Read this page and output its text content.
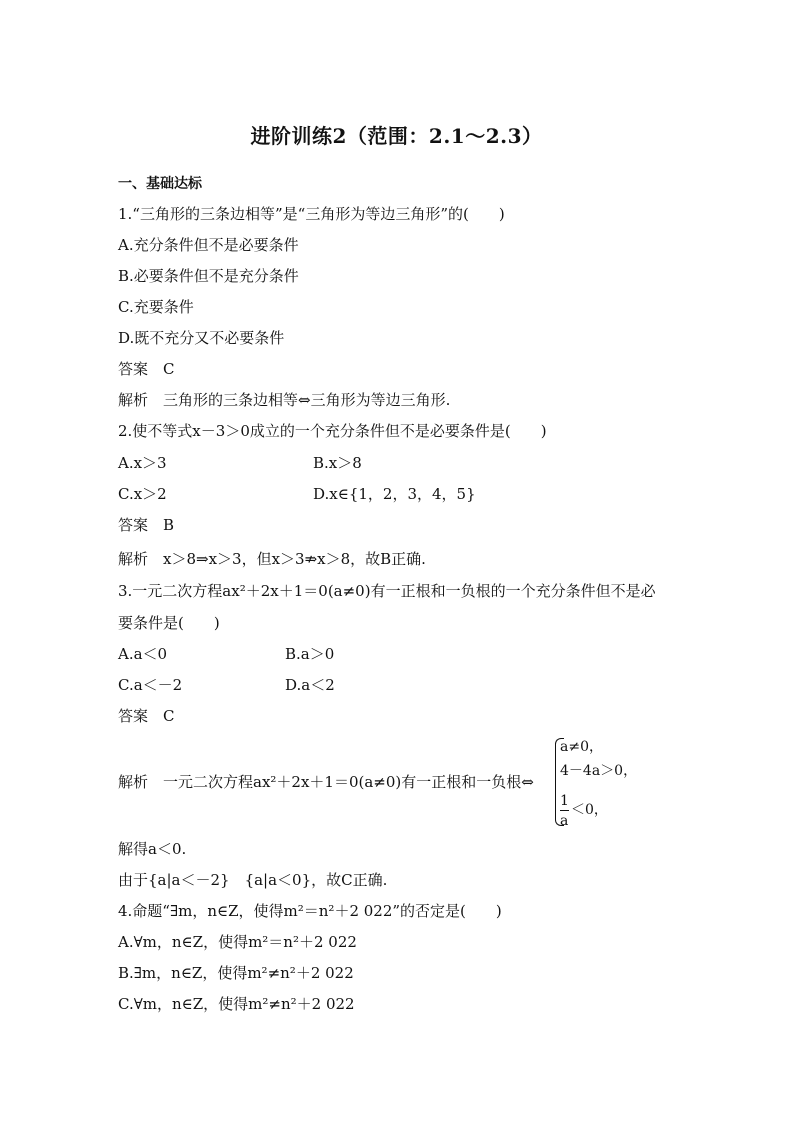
进阶训练2（范围：2.1～2.3）
一、基础达标
1.“三角形的三条边相等”是“三角形为等边三角形”的(　　)
A.充分条件但不是必要条件
B.必要条件但不是充分条件
C.充要条件
D.既不充分又不必要条件
答案　C
解析　三角形的三条边相等⇔三角形为等边三角形.
2.使不等式x－3＞0成立的一个充分条件但不是必要条件是(　　)
A.x＞3	B.x＞8
C.x＞2	D.x∈{1，2，3，4，5}
答案　B
解析　x＞8⇒x＞3，但x＞3⇏x＞8，故B正确.
3.一元二次方程ax²＋2x＋1＝0(a≠0)有一正根和一负根的一个充分条件但不是必
要条件是(　　)
A.a＜0	B.a＞0
C.a＜－2	D.a＜2
答案　C
解析　一元二次方程ax²＋2x＋1＝0(a≠0)有一正根和一负根⇔
a≠0，
4－4a＞0，
1
＜0，
a
解得a＜0.
由于{a|a＜－2}　{a|a＜0}，故C正确.
4.命题“∃m，n∈Z，使得m²＝n²＋2 022”的否定是(　　)
A.∀m，n∈Z，使得m²＝n²＋2 022
B.∃m，n∈Z，使得m²≠n²＋2 022
C.∀m，n∈Z，使得m²≠n²＋2 022
